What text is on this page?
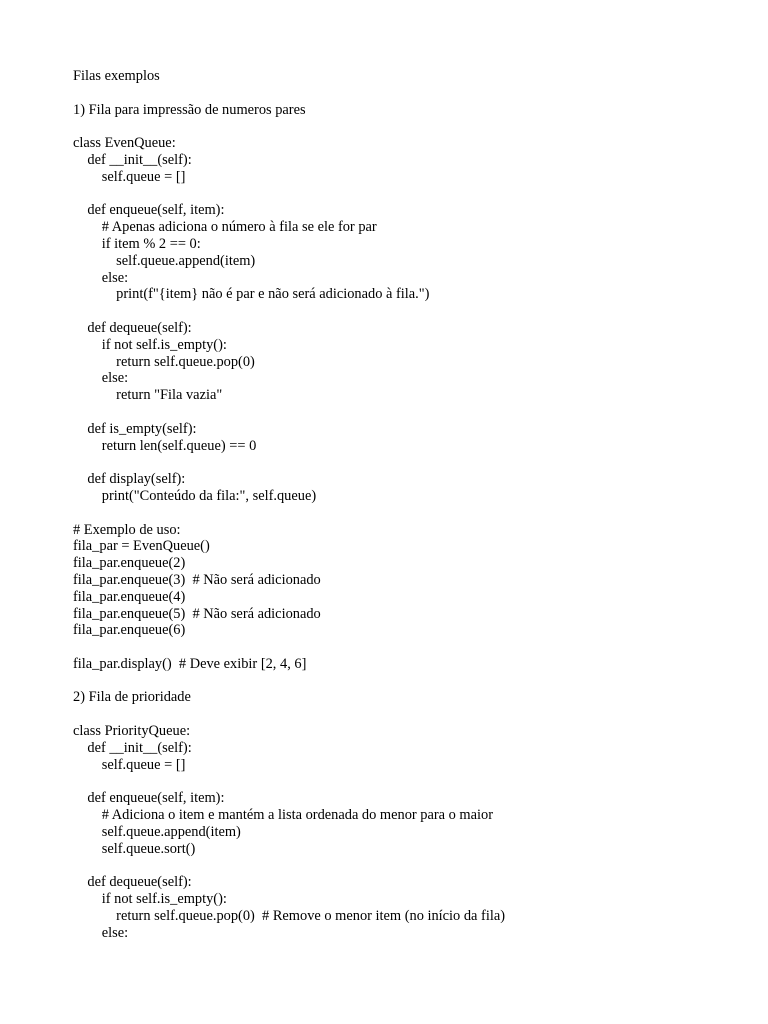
Filas exemplos
1) Fila para impressão de numeros pares
class EvenQueue:
def __init__(self):
self.queue = []
def enqueue(self, item):
# Apenas adiciona o número à fila se ele for par
if item % 2 == 0:
self.queue.append(item)
else:
print(f"{item} não é par e não será adicionado à fila.")
def dequeue(self):
if not self.is_empty():
return self.queue.pop(0)
else:
return "Fila vazia"
def is_empty(self):
return len(self.queue) == 0
def display(self):
print("Conteúdo da fila:", self.queue)
# Exemplo de uso:
fila_par = EvenQueue()
fila_par.enqueue(2)
fila_par.enqueue(3)  # Não será adicionado
fila_par.enqueue(4)
fila_par.enqueue(5)  # Não será adicionado
fila_par.enqueue(6)
fila_par.display()  # Deve exibir [2, 4, 6]
2) Fila de prioridade
class PriorityQueue:
def __init__(self):
self.queue = []
def enqueue(self, item):
# Adiciona o item e mantém a lista ordenada do menor para o maior
self.queue.append(item)
self.queue.sort()
def dequeue(self):
if not self.is_empty():
return self.queue.pop(0)  # Remove o menor item (no início da fila)
else:
